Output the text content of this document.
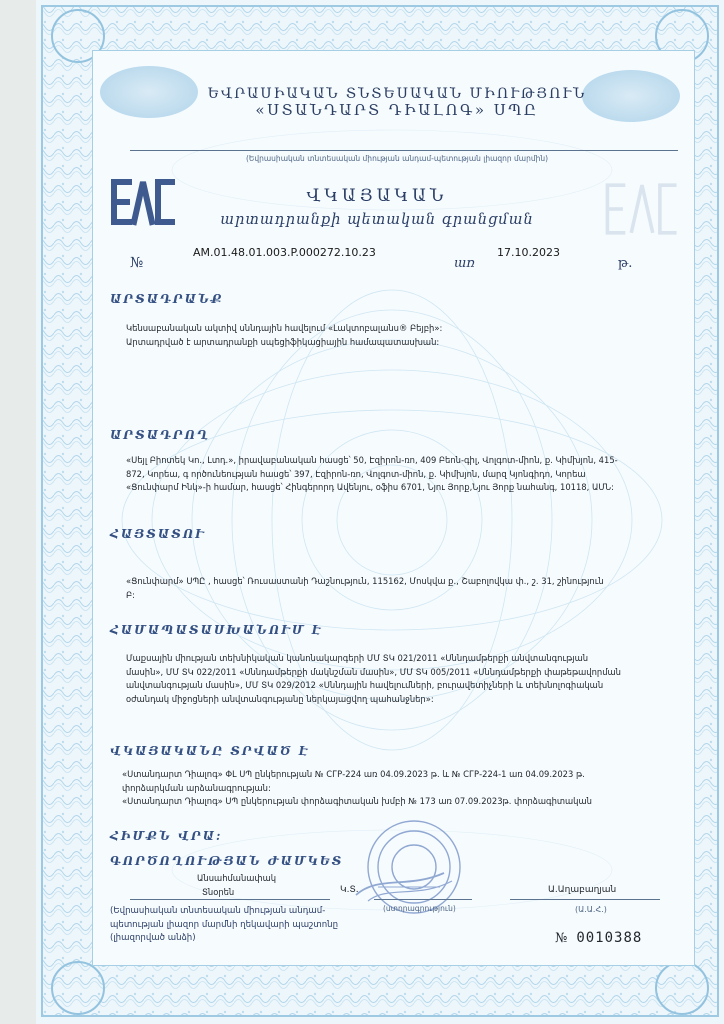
ԵՎՐԱՍԻԱԿԱՆ ՏՆՏԵՍԱԿԱՆ ՄԻՈՒԹՅՈՒՆ
«ՍՏԱՆԴԱՐՏ ԴԻԱԼՈԳ» ՍՊԸ
(Եվրասիական տնտեսական միության անդամ-պետության լիազոր մարմին)
ՎԿԱՅԱԿԱՆ
արտադրանքի պետական գրանցման
№
AM.01.48.01.003.P.000272.10.23
առ
17.10.2023
թ.
ԱՐՏԱԴՐԱՆՔ
Կենսաբանական ակտիվ սննդային հավելում «Լակտոբալանս® Բեյբի»:
Արտադրված է արտադրանքի սպեցիֆիկացիային համապատասխան:
ԱՐՏԱԴՐՈՂ
«Սեյլ Բիոտեկ Կո., Լտդ.», իրավաբանական հասցե՝ 50, Էզիրոն-ռո, 409 Բեոն-գիլ, Վոլգոտ-միոն, ք. Կիմխյոն, 415-
872, Կորեա, գ ործունեության հասցե՝ 397, Էզիրոն-ռո, Վոլգոտ-միոն, ք. Կիմխյոն, մարզ Կյոնգիդո, Կորեա
«Ցունփարմ Ինկ»-ի համար, հասցե՝ Հինգերորդ Ավենյու, օֆիս 6701, Նյու Յորք,Նյու Յորք նահանգ, 10118, ԱՄՆ:
ՀԱՅՏԱՏՈՒ
«Ցունփարմ» ՍՊԸ , հասցե՝ Ռուսաստանի Դաշնություն, 115162, Մոսկվա ք., Շաբոլովկա փ., շ. 31, շինություն
Բ:
ՀԱՄԱՊԱՏԱՍԽԱՆՈՒՄ Է
Մաքսային միության տեխնիկական կանոնակարգերի ՄՄ ՏԿ 021/2011 «Սննդամթերքի անվտանգության
մասին», ՄՄ ՏԿ 022/2011 «Սննդամթերքի մակնշման մասին», ՄՄ ՏԿ 005/2011 «Սննդամթերքի փաթեթավորման
անվտանգության մասին», ՄՄ ՏԿ 029/2012 «Սննդային հավելումների, բուրավետիչների և տեխնոլոգիական
օժանդակ միջոցների անվտանգությանը ներկայացվող պահանջներ»:
ՎԿԱՅԱԿԱՆԸ ՏՐՎԱԾ Է
«Ստանդարտ Դիալոգ» ՓԼ ՍՊ ընկերության № СГР-224 առ 04.09.2023 թ. և № СГР-224-1 առ 04.09.2023 թ.
փորձարկման արձանագրության:
«Ստանդարտ Դիալոգ» ՍՊ ընկերության փորձագիտական խմբի № 173 առ 07.09.2023թ. փորձագիտական
ՀԻՄՔՆ ՎՐԱ:
ԳՈՐԾՈՂՈՒԹՅԱՆ ԺԱՄԿԵՏ
Անսահմանափակ
Տնօրեն	Կ.Տ.
(ստորագրություն)
Ա.Աղաբաղյան
(Ա.Ա.Հ.)
(Եվրասիական տնտեսական միության անդամ-պետության լիազոր մարմնի ղեկավարի պաշտոնը (լիազորված անձի)	№ 0010388
